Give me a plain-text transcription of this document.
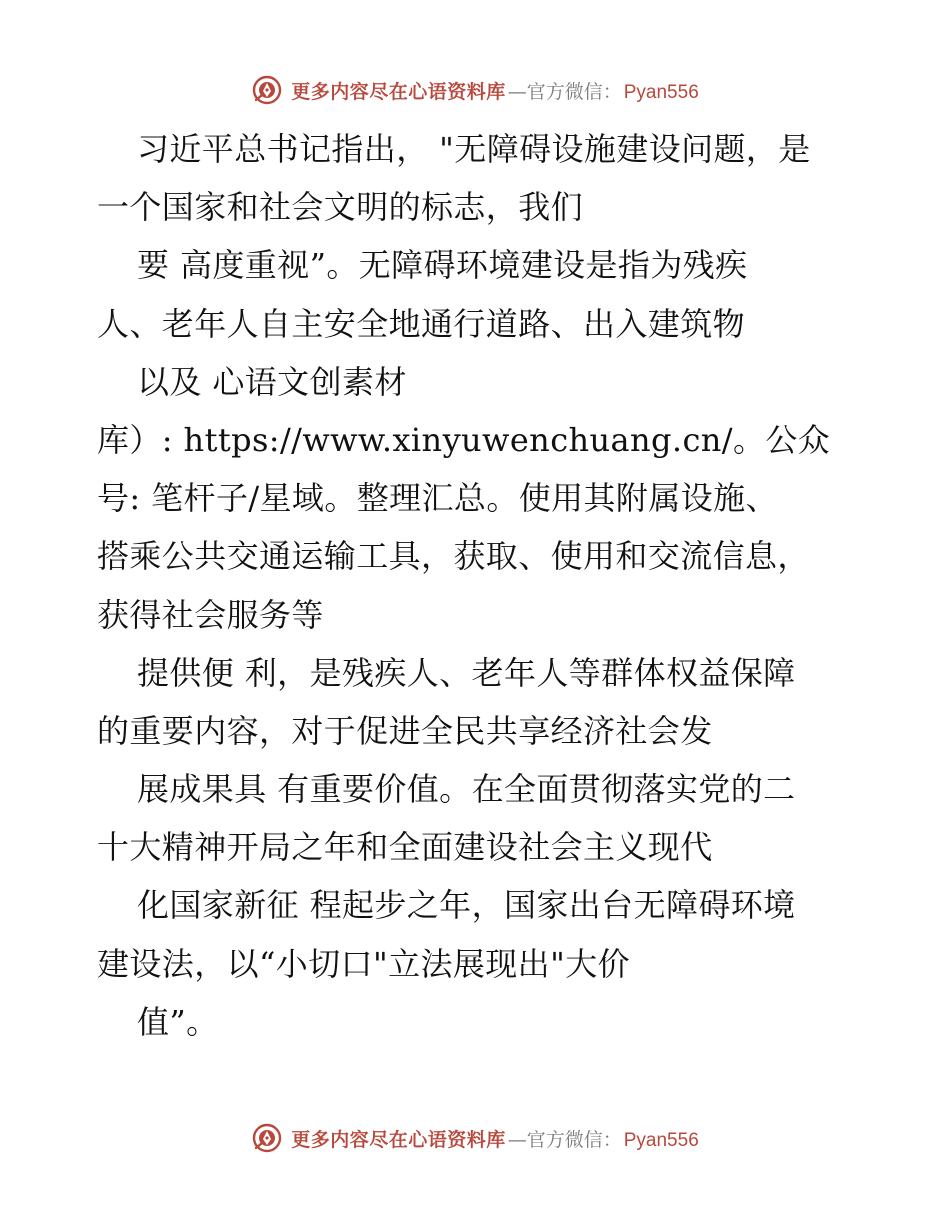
更多内容尽在心语资料库 — 官方微信： Pyan556
习近平总书记指出， "无障碍设施建设问题，是
一个国家和社会文明的标志，我们
要 高度重视”。无障碍环境建设是指为残疾
人、老年人自主安全地通行道路、出入建筑物
以及 心语文创素材
库）: https://www.xinyuwenchuang.cn/。公众
号: 笔杆子/星域。整理汇总。使用其附属设施、
搭乘公共交通运输工具，获取、使用和交流信息，
获得社会服务等
提供便 利，是残疾人、老年人等群体权益保障
的重要内容，对于促进全民共享经济社会发
展成果具 有重要价值。在全面贯彻落实党的二
十大精神开局之年和全面建设社会主义现代
化国家新征 程起步之年，国家出台无障碍环境
建设法，以“小切口"立法展现出"大价
值”。
更多内容尽在心语资料库 — 官方微信： Pyan556
